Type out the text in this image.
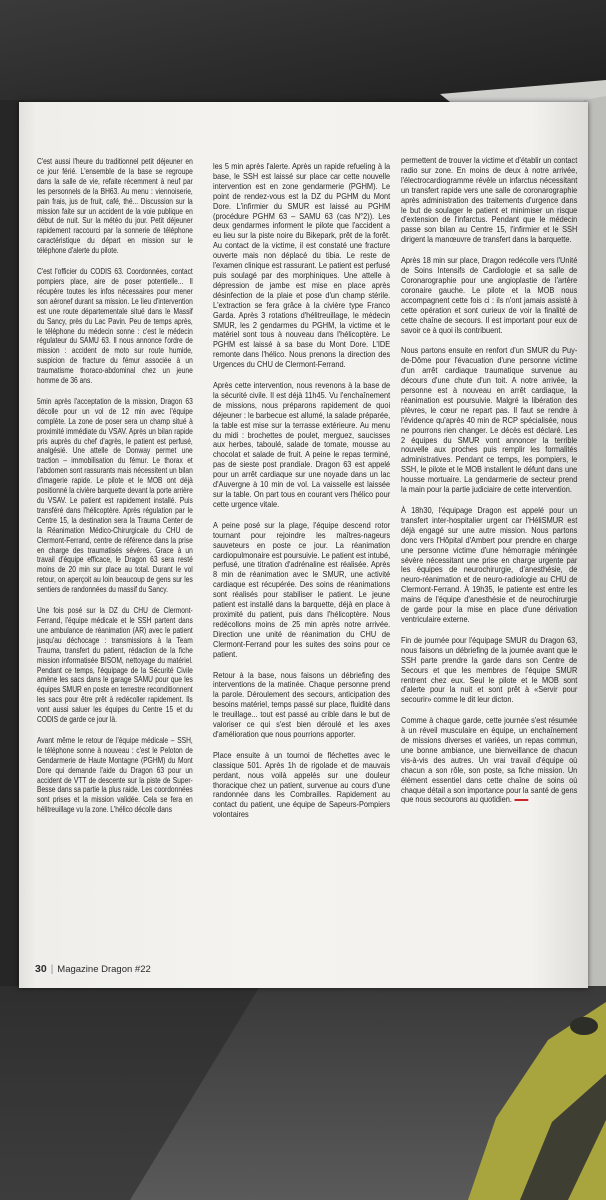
C'est aussi l'heure du traditionnel petit déjeuner en ce jour férié. L'ensemble de la base se regroupe dans la salle de vie, refaite récemment à neuf par les personnels de la BH63. Au menu : viennoiserie, pain frais, jus de fruit, café, thé... Discussion sur la mission faite sur un accident de la voie publique en début de nuit. Sur la météo du jour. Petit déjeuner rapidement raccourci par la sonnerie de téléphone caractéristique du départ en mission sur le téléphone d'alerte du pilote.

C'est l'officier du CODIS 63. Coordonnées, contact pompiers place, aire de poser potentielle... Il récupère toutes les infos nécessaires pour mener son aéronef durant sa mission. Le lieu d'intervention est une route départementale situé dans le Massif du Sancy, près du Lac Pavin. Peu de temps après, le téléphone du médecin sonne : c'est le médecin régulateur du SAMU 63. Il nous annonce l'ordre de mission : accident de moto sur route humide, suspicion de fracture du fémur associée à un traumatisme thoraco-abdominal chez un jeune homme de 36 ans.

5min après l'acceptation de la mission, Dragon 63 décolle pour un vol de 12 min avec l'équipe complète. La zone de poser sera un champ situé à proximité immédiate du VSAV. Après un bilan rapide pris auprès du chef d'agrès, le patient est perfusé, analgésié. Une attelle de Donway permet une traction – immobilisation du fémur. Le thorax et l'abdomen sont rassurants mais nécessitent un bilan d'imagerie rapide. Le pilote et le MOB ont déjà positionné la civière barquette devant la porte arrière du VSAV. Le patient est rapidement installé. Puis transféré dans l'hélicoptère. Après régulation par le Centre 15, la destination sera la Trauma Center de la Réanimation Médico-Chirurgicale du CHU de Clermont-Ferrand, centre de référence dans la prise en charge des traumatisés sévères. Grace à un travail d'équipe efficace, le Dragon 63 sera resté moins de 20 min sur place au total. Durant le vol retour, on aperçoit au loin beaucoup de gens sur les sentiers de randonnées du massif du Sancy.

Une fois posé sur la DZ du CHU de Clermont-Ferrand, l'équipe médicale et le SSH partent dans une ambulance de réanimation (AR) avec le patient jusqu'au déchocage : transmissions à la Team Trauma, transfert du patient, rédaction de la fiche mission informatisée BISOM, nettoyage du matériel. Pendant ce temps, l'équipage de la Sécurité Civile amène les sacs dans le garage SAMU pour que les équipes SMUR en poste en terrestre reconditionnent les sacs pour être prêt à redécoller rapidement. Ils vont aussi saluer les équipes du Centre 15 et du CODIS de garde ce jour là.

Avant même le retour de l'équipe médicale – SSH, le téléphone sonne à nouveau : c'est le Peloton de Gendarmerie de Haute Montagne (PGHM) du Mont Dore qui demande l'aide du Dragon 63 pour un accident de VTT de descente sur la piste de Super-Besse dans sa partie la plus raide. Les coordonnées sont prises et la mission validée. Cela se fera en hélitreuillage vu la zone. L'hélico décolle dans

les 5 min après l'alerte. Après un rapide refueling à la base, le SSH est laissé sur place car cette nouvelle intervention est en zone gendarmerie (PGHM). Le point de rendez-vous est la DZ du PGHM du Mont Dore. L'infirmier du SMUR est laissé au PGHM (procédure PGHM 63 – SAMU 63 (cas N°2)). Les deux gendarmes informent le pilote que l'accident a eu lieu sur la piste noire du Bikepark, prêt de la forêt. Au contact de la victime, il est constaté une fracture ouverte mais non déplacé du tibia. Le reste de l'examen clinique est rassurant. Le patient est perfusé puis soulagé par des morphiniques. Une attelle à dépression de jambe est mise en place après désinfection de la plaie et pose d'un champ stérile. L'extraction se fera grâce à la civière type Franco Garda. Après 3 rotations d'hélitreuillage, le médecin SMUR, les 2 gendarmes du PGHM, la victime et le matériel sont tous à nouveau dans l'hélicoptère. Le PGHM est laissé à sa base du Mont Dore. L'IDE remonte dans l'hélico. Nous prenons la direction des Urgences du CHU de Clermont-Ferrand.

Après cette intervention, nous revenons à la base de la sécurité civile. Il est déjà 11h45. Vu l'enchaînement de missions, nous préparons rapidement de quoi déjeuner : le barbecue est allumé, la salade préparée, la table est mise sur la terrasse extérieure. Au menu du midi : brochettes de poulet, merguez, saucisses aux herbes, taboulé, salade de tomate, mousse au chocolat et salade de fruit. A peine le repas terminé, pas de sieste post prandiale. Dragon 63 est appelé pour un arrêt cardiaque sur une noyade dans un lac d'Auvergne à 10 min de vol. La vaisselle est laissée sur la table. On part tous en courant vers l'hélico pour cette urgence vitale.

A peine posé sur la plage, l'équipe descend rotor tournant pour rejoindre les maîtres-nageurs sauveteurs en poste ce jour. La réanimation cardiopulmonaire est poursuivie. Le patient est intubé, perfusé, une titration d'adrénaline est réalisée. Après 8 min de réanimation avec le SMUR, une activité cardiaque est récupérée. Des soins de réanimations sont réalisés pour stabiliser le patient. Le jeune patient est installé dans la barquette, déjà en place à proximité du patient, puis dans l'hélicoptère. Nous redécollons moins de 25 min après notre arrivée. Direction une unité de réanimation du CHU de Clermont-Ferrand pour les suites des soins pour ce patient.

Retour à la base, nous faisons un débriefing des interventions de la matinée. Chaque personne prend la parole. Déroulement des secours, anticipation des besoins matériel, temps passé sur place, fluidité dans le treuillage... tout est passé au crible dans le but de valoriser ce qui s'est bien déroulé et les axes d'amélioration que nous pourrions apporter.

Place ensuite à un tournoi de fléchettes avec le classique 501. Après 1h de rigolade et de mauvais perdant, nous voilà appelés sur une douleur thoracique chez un patient, survenue au cours d'une randonnée dans les Combrailles. Rapidement au contact du patient, une équipe de Sapeurs-Pompiers volontaires

permettent de trouver la victime et d'établir un contact radio sur zone. En moins de deux à notre arrivée, l'électrocardiogramme révèle un infarctus nécessitant un transfert rapide vers une salle de coronarographie après administration des traitements d'urgence dans le but de soulager le patient et minimiser un risque d'extension de l'infarctus. Pendant que le médecin passe son bilan au Centre 15, l'infirmier et le SSH dirigent la manœuvre de transfert dans la barquette.

Après 18 min sur place, Dragon redécolle vers l'Unité de Soins Intensifs de Cardiologie et sa salle de Coronarographie pour une angioplastie de l'artère coronaire gauche. Le pilote et la MOB nous accompagnent cette fois ci : ils n'ont jamais assisté à cette opération et sont curieux de voir la finalité de cette chaîne de secours. Il est important pour eux de savoir ce à quoi ils contribuent.

Nous partons ensuite en renfort d'un SMUR du Puy-de-Dôme pour l'évacuation d'une personne victime d'un arrêt cardiaque traumatique survenue au décours d'une chute d'un toit. A notre arrivée, la personne est à nouveau en arrêt cardiaque, la réanimation est poursuivie. Malgré la libération des plèvres, le cœur ne repart pas. Il faut se rendre à l'évidence qu'après 40 min de RCP spécialisée, nous ne pourrons rien changer. Le décès est déclaré. Les 2 équipes du SMUR vont annoncer la terrible nouvelle aux proches puis remplir les formalités administratives. Pendant ce temps, les pompiers, le SSH, le pilote et le MOB installent le défunt dans une housse mortuaire. La gendarmerie de secteur prend la main pour la partie judiciaire de cette intervention.

À 18h30, l'équipage Dragon est appelé pour un transfert inter-hospitalier urgent car l'HéliSMUR est déjà engagé sur une autre mission. Nous partons donc vers l'Hôpital d'Ambert pour prendre en charge une personne victime d'une hémorragie méningée sévère nécessitant une prise en charge urgente par les équipes de neurochirurgie, d'anesthésie, de neuro-réanimation et de neuro-radiologie au CHU de Clermont-Ferrand. À 19h35, le patiente est entre les mains de l'équipe d'anesthésie et de neurochirurgie de garde pour la mise en place d'une dérivation ventriculaire externe.

Fin de journée pour l'équipage SMUR du Dragon 63, nous faisons un débriefing de la journée avant que le SSH parte prendre la garde dans son Centre de Secours et que les membres de l'équipe SMUR rentrent chez eux. Seul le pilote et le MOB sont d'alerte pour la nuit et sont prêt à «Servir pour secourir» comme le dit leur dicton.

Comme à chaque garde, cette journée s'est résumée à un réveil musculaire en équipe, un enchaînement de missions diverses et variées, un repas commun, une bonne ambiance, une bienveillance de chacun vis-à-vis des autres. Un vrai travail d'équipe où chacun a son rôle, son poste, sa fiche mission. Un élément essentiel dans cette chaîne de soins où chaque détail a son importance pour la santé de gens que nous secourons au quotidien.

30 | Magazine Dragon #22
